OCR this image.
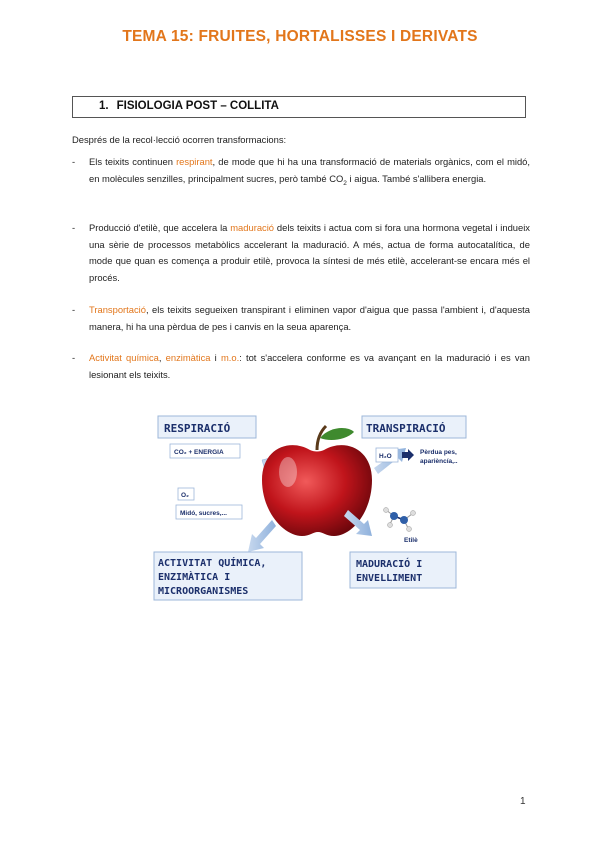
TEMA 15: FRUITES, HORTALISSES I DERIVATS
1. FISIOLOGIA POST – COLLITA
Després de la recol·lecció ocorren transformacions:
- Els teixits continuen respirant, de mode que hi ha una transformació de materials orgànics, com el midó, en molècules senzilles, principalment sucres, però també $CO_2$ i aigua. També s'allibera energia.
- Producció d'etilè, que accelera la maduració dels teixits i actua com si fora una hormona vegetal i indueix una sèrie de processos metabòlics accelerant la maduració. A més, actua de forma autocatalítica, de mode que quan es comença a produir etilè, provoca la síntesi de més etilè, accelerant-se encara més el procés.
- Transportació, els teixits segueixen transpirant i eliminen vapor d'aigua que passa l'ambient i, d'aquesta manera, hi ha una pèrdua de pes i canvis en la seua aparença.
- Activitat química, enzimàtica i m.o.: tot s'accelera conforme es va avançant en la maduració i es van lesionant els teixits.
RESPIRACIÓ
CO₂ + ENERGIA
O₂
Midó, sucres,...
TRANSPIRACIÓ
H₂O
Pèrdua pes,
aparièncía,..
Etilè
ACTIVITAT QUÍMICA,
ENZIMÀTICA I
MICROORGANISMES
MADURACIÓ I
ENVELLIMENT
1
